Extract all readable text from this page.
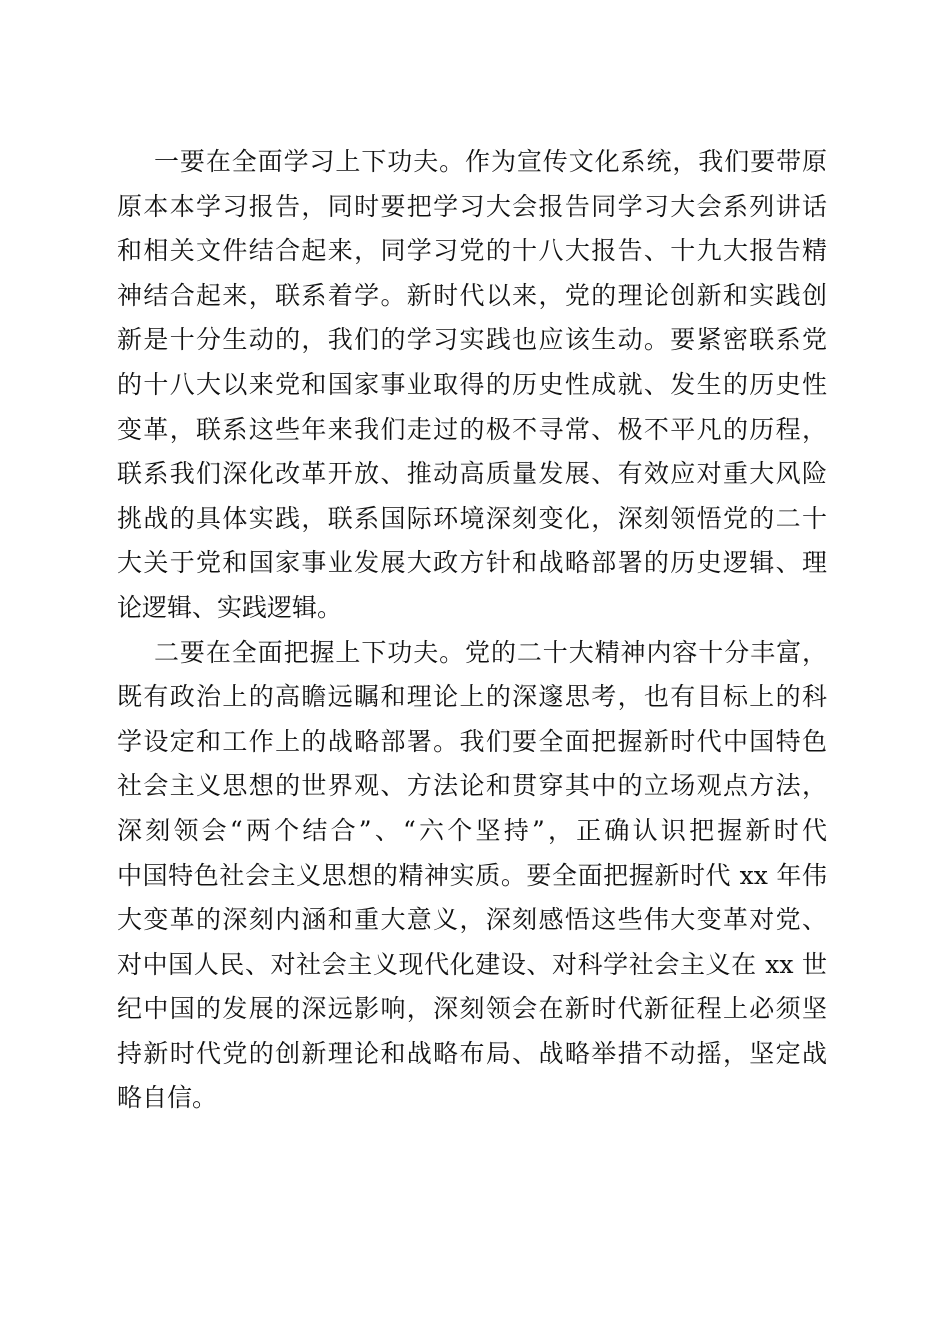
一要在全面学习上下功夫。作为宣传文化系统，我们要带原
原本本学习报告，同时要把学习大会报告同学习大会系列讲话
和相关文件结合起来，同学习党的十八大报告、十九大报告精
神结合起来，联系着学。新时代以来，党的理论创新和实践创
新是十分生动的，我们的学习实践也应该生动。要紧密联系党
的十八大以来党和国家事业取得的历史性成就、发生的历史性
变革，联系这些年来我们走过的极不寻常、极不平凡的历程，
联系我们深化改革开放、推动高质量发展、有效应对重大风险
挑战的具体实践，联系国际环境深刻变化，深刻领悟党的二十
大关于党和国家事业发展大政方针和战略部署的历史逻辑、理
论逻辑、实践逻辑。
二要在全面把握上下功夫。党的二十大精神内容十分丰富，
既有政治上的高瞻远瞩和理论上的深邃思考，也有目标上的科
学设定和工作上的战略部署。我们要全面把握新时代中国特色
社会主义思想的世界观、方法论和贯穿其中的立场观点方法，
深刻领会“两个结合”、“六个坚持”，正确认识把握新时代
中国特色社会主义思想的精神实质。要全面把握新时代 xx 年伟
大变革的深刻内涵和重大意义，深刻感悟这些伟大变革对党、
对中国人民、对社会主义现代化建设、对科学社会主义在 xx 世
纪中国的发展的深远影响，深刻领会在新时代新征程上必须坚
持新时代党的创新理论和战略布局、战略举措不动摇，坚定战
略自信。
